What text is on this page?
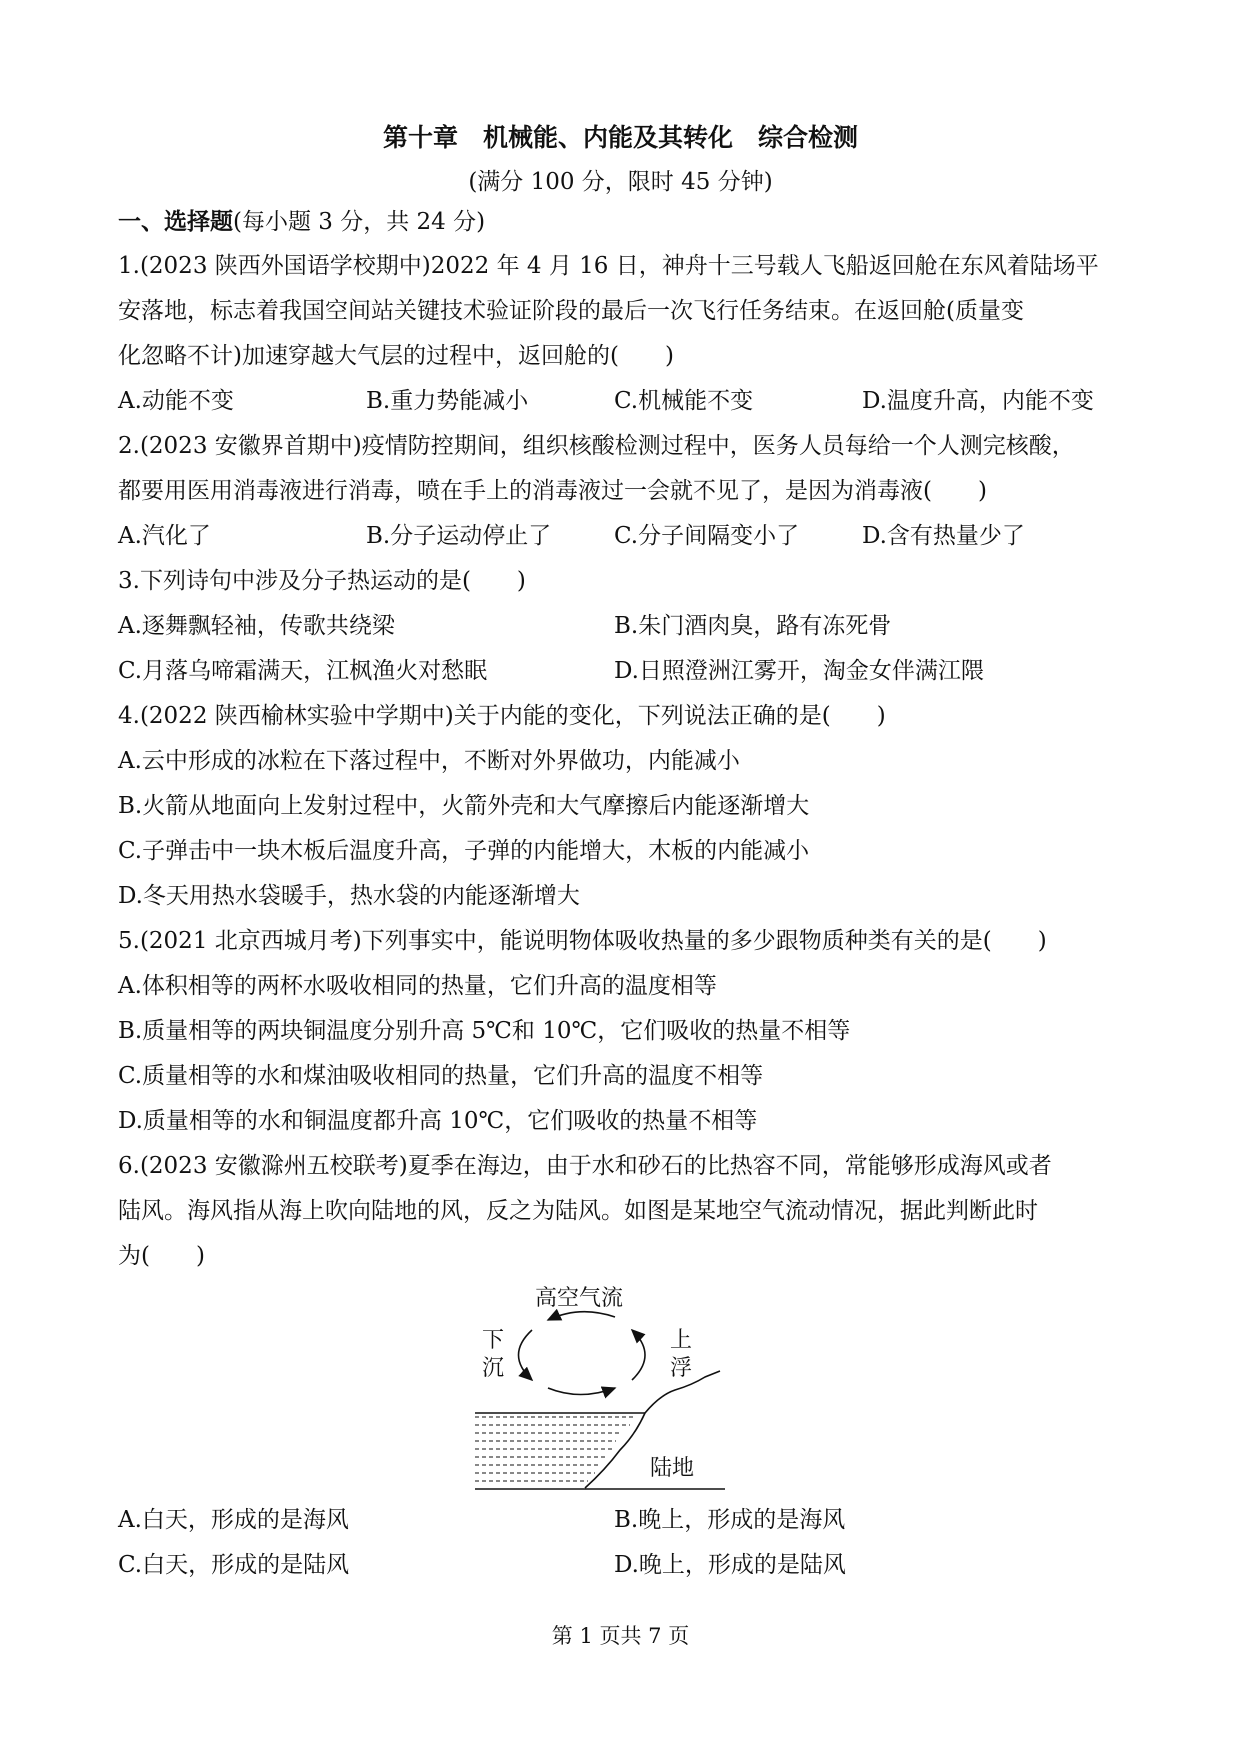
第十章　机械能、内能及其转化　综合检测
(满分 100 分，限时 45 分钟)
一、选择题(每小题 3 分，共 24 分)
1.(2023 陕西外国语学校期中)2022 年 4 月 16 日，神舟十三号载人飞船返回舱在东风着陆场平
安落地，标志着我国空间站关键技术验证阶段的最后一次飞行任务结束。在返回舱(质量变
化忽略不计)加速穿越大气层的过程中，返回舱的(　　)
A.动能不变	B.重力势能减小	C.机械能不变	D.温度升高，内能不变
2.(2023 安徽界首期中)疫情防控期间，组织核酸检测过程中，医务人员每给一个人测完核酸，
都要用医用消毒液进行消毒，喷在手上的消毒液过一会就不见了，是因为消毒液(　　)
A.汽化了	B.分子运动停止了	C.分子间隔变小了	D.含有热量少了
3.下列诗句中涉及分子热运动的是(　　)
A.逐舞飘轻袖，传歌共绕梁	B.朱门酒肉臭，路有冻死骨
C.月落乌啼霜满天，江枫渔火对愁眠	D.日照澄洲江雾开，淘金女伴满江隈
4.(2022 陕西榆林实验中学期中)关于内能的变化，下列说法正确的是(　　)
A.云中形成的冰粒在下落过程中，不断对外界做功，内能减小
B.火箭从地面向上发射过程中，火箭外壳和大气摩擦后内能逐渐增大
C.子弹击中一块木板后温度升高，子弹的内能增大，木板的内能减小
D.冬天用热水袋暖手，热水袋的内能逐渐增大
5.(2021 北京西城月考)下列事实中，能说明物体吸收热量的多少跟物质种类有关的是(　　)
A.体积相等的两杯水吸收相同的热量，它们升高的温度相等
B.质量相等的两块铜温度分别升高 5℃和 10℃，它们吸收的热量不相等
C.质量相等的水和煤油吸收相同的热量，它们升高的温度不相等
D.质量相等的水和铜温度都升高 10℃，它们吸收的热量不相等
6.(2023 安徽滁州五校联考)夏季在海边，由于水和砂石的比热容不同，常能够形成海风或者
陆风。海风指从海上吹向陆地的风，反之为陆风。如图是某地空气流动情况，据此判断此时
为(　　)
高空气流
下
沉
上
浮
陆地
A.白天，形成的是海风	B.晚上，形成的是海风
C.白天，形成的是陆风	D.晚上，形成的是陆风
第 1 页共 7 页
